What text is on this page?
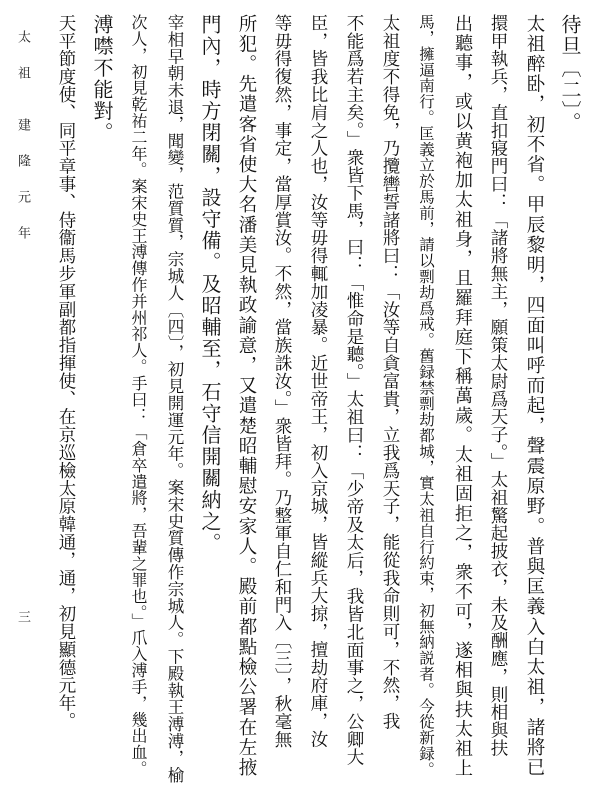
待旦〔二〕。
太祖醉卧，初不省。甲辰黎明，四面叫呼而起，聲震原野。普與匡義入白太祖，諸將已
擐甲執兵，直扣寢門曰：「諸將無主，願策太尉爲天子。」太祖驚起披衣，未及酬應，則相與扶
出聽事，或以黄袍加太祖身，且羅拜庭下稱萬歲。太祖固拒之，衆不可，遂相與扶太祖上
馬，擁逼南行。匡義立於馬前，請以剽劫爲戒。舊録禁剽劫都城，實太祖自行約束，初無納説者。今從新録。
太祖度不得免，乃攬轡誓諸將曰：「汝等自貪富貴，立我爲天子，能從我命則可，不然，我
不能爲若主矣。」衆皆下馬，曰：「惟命是聽。」太祖曰：「少帝及太后，我皆北面事之，公卿大
臣，皆我比肩之人也，汝等毋得輒加凌暴。近世帝王，初入京城，皆縱兵大掠，擅劫府庫，汝
等毋得復然，事定，當厚賞汝。不然，當族誅汝。」衆皆拜。乃整軍自仁和門入〔三〕，秋毫無
所犯。先遣客省使大名潘美見執政諭意，又遣楚昭輔慰安家人。殿前都點檢公署在左掖
門內，時方閉關，設守備。及昭輔至，石守信開關納之。
宰相早朝未退，聞變，范質質，宗城人〔四〕，初見開運元年。案宋史質傳作宗城人。下殿執王溥溥，榆
次人，初見乾祐二年。案宋史王溥傳作并州祁人。手曰：「倉卒遣將，吾輩之罪也。」爪入溥手，幾出血。
溥噤不能對。
天平節度使、同平章事、侍衞馬步軍副都指揮使、在京巡檢太原韓通，通，初見顯德元年。
太 祖
建 隆 元 年
三
